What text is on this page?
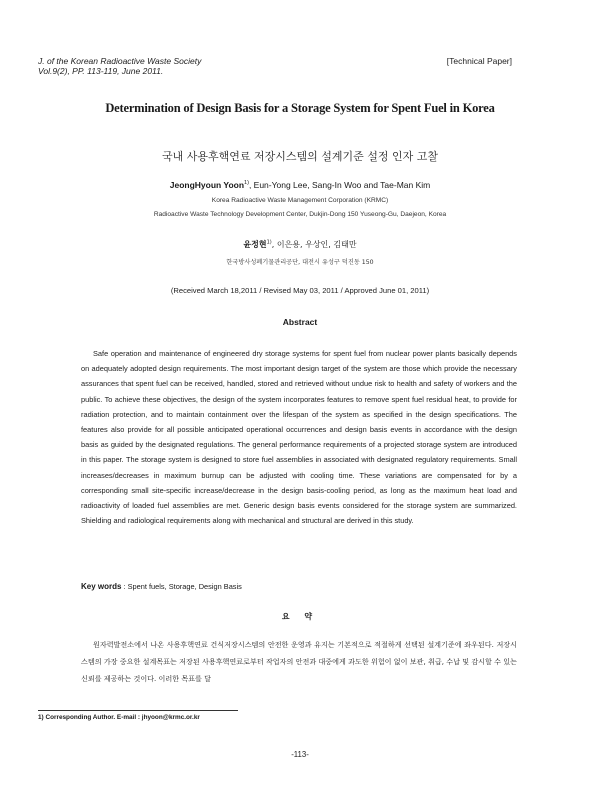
J. of the Korean Radioactive Waste Society
Vol.9(2), PP. 113-119, June 2011.
[Technical Paper]
Determination of Design Basis for a Storage System for Spent Fuel in Korea
국내 사용후핵연료 저장시스템의 설계기준 설정 인자 고찰
JeongHyoun Yoon$^{1)}$, Eun-Yong Lee, Sang-In Woo and Tae-Man Kim
Korea Radioactive Waste Management Corporation (KRMC)
Radioactive Waste Technology Development Center, Dukjin-Dong 150 Yuseong-Gu, Daejeon, Korea
윤정현$^{1)}$, 이은용, 우상인, 김태만
한국방사성폐기물관리공단, 대전시 유성구 덕진동 150
(Received March 18,2011 / Revised May 03, 2011 / Approved June 01, 2011)
Abstract

Safe operation and maintenance of engineered dry storage systems for spent fuel from nuclear power plants basically depends on adequately adopted design requirements. The most important design target of the system are those which provide the necessary assurances that spent fuel can be received, handled, stored and retrieved without undue risk to health and safety of workers and the public. To achieve these objectives, the design of the system incorporates features to remove spent fuel residual heat, to provide for radiation protection, and to maintain containment over the lifespan of the system as specified in the design specifications. The features also provide for all possible anticipated operational occurrences and design basis events in accordance with the design basis as guided by the designated regulations. The general performance requirements of a projected storage system are introduced in this paper. The storage system is designed to store fuel assemblies in associated with designated regulatory requirements. Small increases/decreases in maximum burnup can be adjusted with cooling time. These variations are compensated for by a corresponding small site-specific increase/decrease in the design basis-cooling period, as long as the maximum heat load and radioactivity of loaded fuel assemblies are met. Generic design basis events considered for the storage system are summarized. Shielding and radiological requirements along with mechanical and structural are derived in this study.

Key words : Spent fuels, Storage, Design Basis
요 약

원자력발전소에서 나온 사용후핵연료 건식저장시스템의 안전한 운영과 유지는 기본적으로 적절하게 선택된 설계기준에 좌우된다. 저장시스템의 가장 중요한 설계목표는 저장된 사용후핵연료로부터 작업자의 안전과 대중에게 과도한 위험이 없이 보관, 취급, 수납 및 감시할 수 있는 신뢰를 제공하는 것이다. 이러한 목표를 달

1) Corresponding Author. E-mail : jhyoon@krmc.or.kr
-113-
